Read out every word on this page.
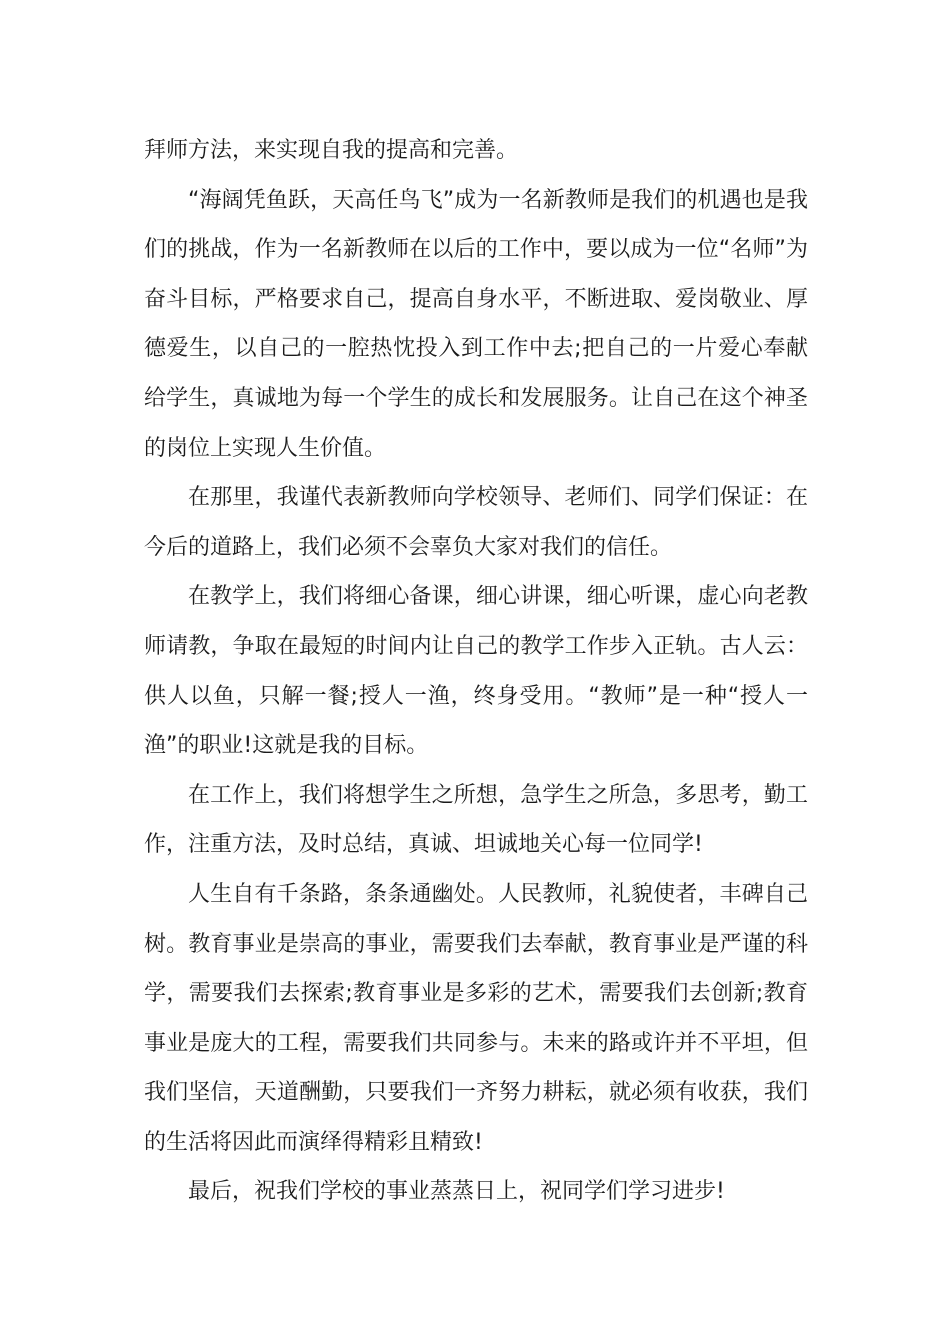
拜师方法，来实现自我的提高和完善。

“海阔凭鱼跃，天高任鸟飞”成为一名新教师是我们的机遇也是我们的挑战，作为一名新教师在以后的工作中，要以成为一位“名师”为奋斗目标，严格要求自己，提高自身水平，不断进取、爱岗敬业、厚德爱生，以自己的一腔热忱投入到工作中去;把自己的一片爱心奉献给学生，真诚地为每一个学生的成长和发展服务。让自己在这个神圣的岗位上实现人生价值。

在那里，我谨代表新教师向学校领导、老师们、同学们保证：在今后的道路上，我们必须不会辜负大家对我们的信任。

在教学上，我们将细心备课，细心讲课，细心听课，虚心向老教师请教，争取在最短的时间内让自己的教学工作步入正轨。古人云：供人以鱼，只解一餐;授人一渔，终身受用。“教师”是一种“授人一渔”的职业!这就是我的目标。

在工作上，我们将想学生之所想，急学生之所急，多思考，勤工作，注重方法，及时总结，真诚、坦诚地关心每一位同学!

人生自有千条路，条条通幽处。人民教师，礼貌使者，丰碑自己树。教育事业是崇高的事业，需要我们去奉献，教育事业是严谨的科学，需要我们去探索;教育事业是多彩的艺术，需要我们去创新;教育事业是庞大的工程，需要我们共同参与。未来的路或许并不平坦，但我们坚信，天道酬勤，只要我们一齐努力耕耘，就必须有收获，我们的生活将因此而演绎得精彩且精致!

最后，祝我们学校的事业蒸蒸日上，祝同学们学习进步!
